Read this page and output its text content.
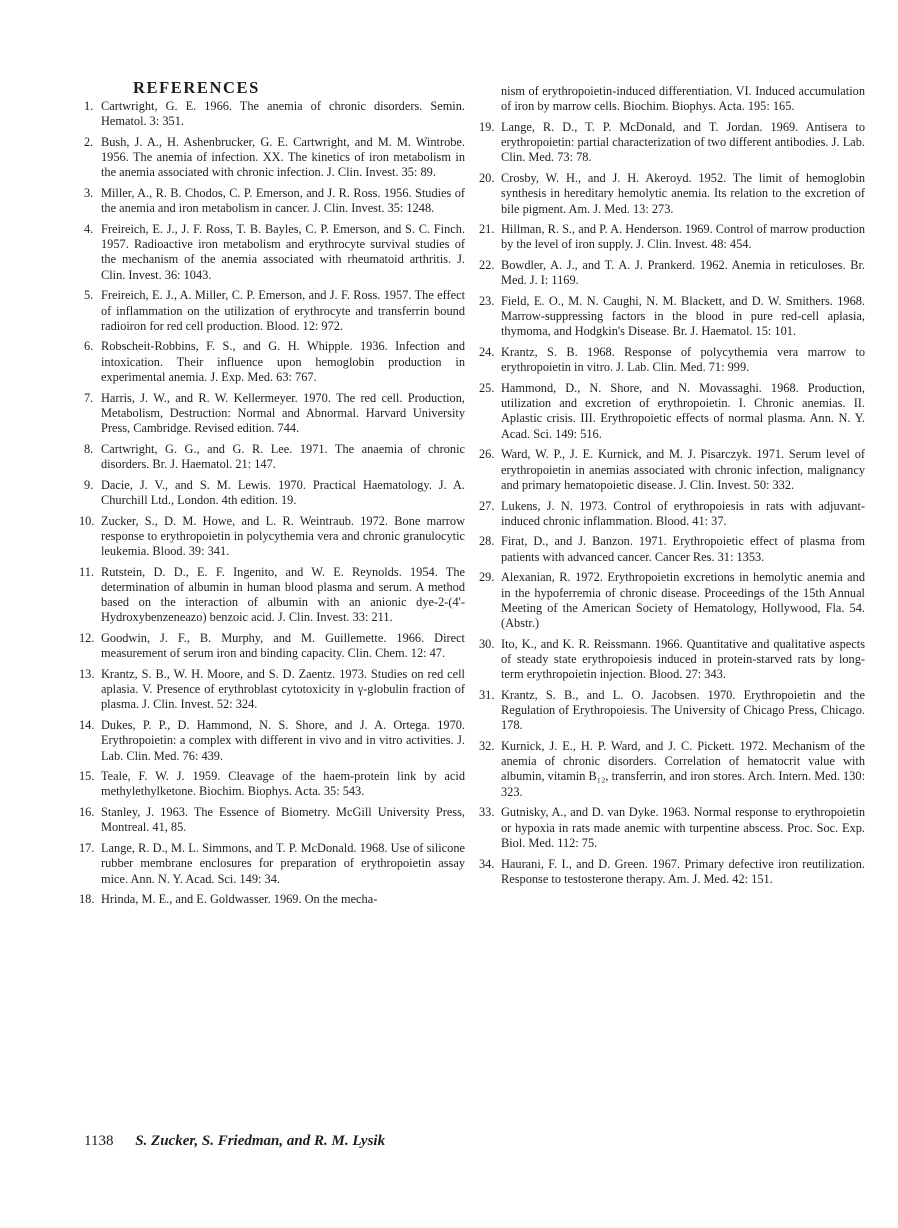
REFERENCES
1. Cartwright, G. E. 1966. The anemia of chronic disorders. Semin. Hematol. 3: 351.
2. Bush, J. A., H. Ashenbrucker, G. E. Cartwright, and M. M. Wintrobe. 1956. The anemia of infection. XX. The kinetics of iron metabolism in the anemia associated with chronic infection. J. Clin. Invest. 35: 89.
3. Miller, A., R. B. Chodos, C. P. Emerson, and J. R. Ross. 1956. Studies of the anemia and iron metabolism in cancer. J. Clin. Invest. 35: 1248.
4. Freireich, E. J., J. F. Ross, T. B. Bayles, C. P. Emerson, and S. C. Finch. 1957. Radioactive iron metabolism and erythrocyte survival studies of the mechanism of the anemia associated with rheumatoid arthritis. J. Clin. Invest. 36: 1043.
5. Freireich, E. J., A. Miller, C. P. Emerson, and J. F. Ross. 1957. The effect of inflammation on the utilization of erythrocyte and transferrin bound radioiron for red cell production. Blood. 12: 972.
6. Robscheit-Robbins, F. S., and G. H. Whipple. 1936. Infection and intoxication. Their influence upon hemoglobin production in experimental anemia. J. Exp. Med. 63: 767.
7. Harris, J. W., and R. W. Kellermeyer. 1970. The red cell. Production, Metabolism, Destruction: Normal and Abnormal. Harvard University Press, Cambridge. Revised edition. 744.
8. Cartwright, G. G., and G. R. Lee. 1971. The anaemia of chronic disorders. Br. J. Haematol. 21: 147.
9. Dacie, J. V., and S. M. Lewis. 1970. Practical Haematology. J. A. Churchill Ltd., London. 4th edition. 19.
10. Zucker, S., D. M. Howe, and L. R. Weintraub. 1972. Bone marrow response to erythropoietin in polycythemia vera and chronic granulocytic leukemia. Blood. 39: 341.
11. Rutstein, D. D., E. F. Ingenito, and W. E. Reynolds. 1954. The determination of albumin in human blood plasma and serum. A method based on the interaction of albumin with an anionic dye-2-(4'-Hydroxybenzeneazo) benzoic acid. J. Clin. Invest. 33: 211.
12. Goodwin, J. F., B. Murphy, and M. Guillemette. 1966. Direct measurement of serum iron and binding capacity. Clin. Chem. 12: 47.
13. Krantz, S. B., W. H. Moore, and S. D. Zaentz. 1973. Studies on red cell aplasia. V. Presence of erythroblast cytotoxicity in γ-globulin fraction of plasma. J. Clin. Invest. 52: 324.
14. Dukes, P. P., D. Hammond, N. S. Shore, and J. A. Ortega. 1970. Erythropoietin: a complex with different in vivo and in vitro activities. J. Lab. Clin. Med. 76: 439.
15. Teale, F. W. J. 1959. Cleavage of the haem-protein link by acid methylethylketone. Biochim. Biophys. Acta. 35: 543.
16. Stanley, J. 1963. The Essence of Biometry. McGill University Press, Montreal. 41, 85.
17. Lange, R. D., M. L. Simmons, and T. P. McDonald. 1968. Use of silicone rubber membrane enclosures for preparation of erythropoietin assay mice. Ann. N. Y. Acad. Sci. 149: 34.
18. Hrinda, M. E., and E. Goldwasser. 1969. On the mecha-
nism of erythropoietin-induced differentiation. VI. Induced accumulation of iron by marrow cells. Biochim. Biophys. Acta. 195: 165.
19. Lange, R. D., T. P. McDonald, and T. Jordan. 1969. Antisera to erythropoietin: partial characterization of two different antibodies. J. Lab. Clin. Med. 73: 78.
20. Crosby, W. H., and J. H. Akeroyd. 1952. The limit of hemoglobin synthesis in hereditary hemolytic anemia. Its relation to the excretion of bile pigment. Am. J. Med. 13: 273.
21. Hillman, R. S., and P. A. Henderson. 1969. Control of marrow production by the level of iron supply. J. Clin. Invest. 48: 454.
22. Bowdler, A. J., and T. A. J. Prankerd. 1962. Anemia in reticuloses. Br. Med. J. I: 1169.
23. Field, E. O., M. N. Caughi, N. M. Blackett, and D. W. Smithers. 1968. Marrow-suppressing factors in the blood in pure red-cell aplasia, thymoma, and Hodgkin's Disease. Br. J. Haematol. 15: 101.
24. Krantz, S. B. 1968. Response of polycythemia vera marrow to erythropoietin in vitro. J. Lab. Clin. Med. 71: 999.
25. Hammond, D., N. Shore, and N. Movassaghi. 1968. Production, utilization and excretion of erythropoietin. I. Chronic anemias. II. Aplastic crisis. III. Erythropoietic effects of normal plasma. Ann. N. Y. Acad. Sci. 149: 516.
26. Ward, W. P., J. E. Kurnick, and M. J. Pisarczyk. 1971. Serum level of erythropoietin in anemias associated with chronic infection, malignancy and primary hematopoietic disease. J. Clin. Invest. 50: 332.
27. Lukens, J. N. 1973. Control of erythropoiesis in rats with adjuvant-induced chronic inflammation. Blood. 41: 37.
28. Firat, D., and J. Banzon. 1971. Erythropoietic effect of plasma from patients with advanced cancer. Cancer Res. 31: 1353.
29. Alexanian, R. 1972. Erythropoietin excretions in hemolytic anemia and in the hypoferremia of chronic disease. Proceedings of the 15th Annual Meeting of the American Society of Hematology, Hollywood, Fla. 54. (Abstr.)
30. Ito, K., and K. R. Reissmann. 1966. Quantitative and qualitative aspects of steady state erythropoiesis induced in protein-starved rats by long-term erythropoietin injection. Blood. 27: 343.
31. Krantz, S. B., and L. O. Jacobsen. 1970. Erythropoietin and the Regulation of Erythropoiesis. The University of Chicago Press, Chicago. 178.
32. Kurnick, J. E., H. P. Ward, and J. C. Pickett. 1972. Mechanism of the anemia of chronic disorders. Correlation of hematocrit value with albumin, vitamin B₁₂, transferrin, and iron stores. Arch. Intern. Med. 130: 323.
33. Gutnisky, A., and D. van Dyke. 1963. Normal response to erythropoietin or hypoxia in rats made anemic with turpentine abscess. Proc. Soc. Exp. Biol. Med. 112: 75.
34. Haurani, F. I., and D. Green. 1967. Primary defective iron reutilization. Response to testosterone therapy. Am. J. Med. 42: 151.
1138 S. Zucker, S. Friedman, and R. M. Lysik
